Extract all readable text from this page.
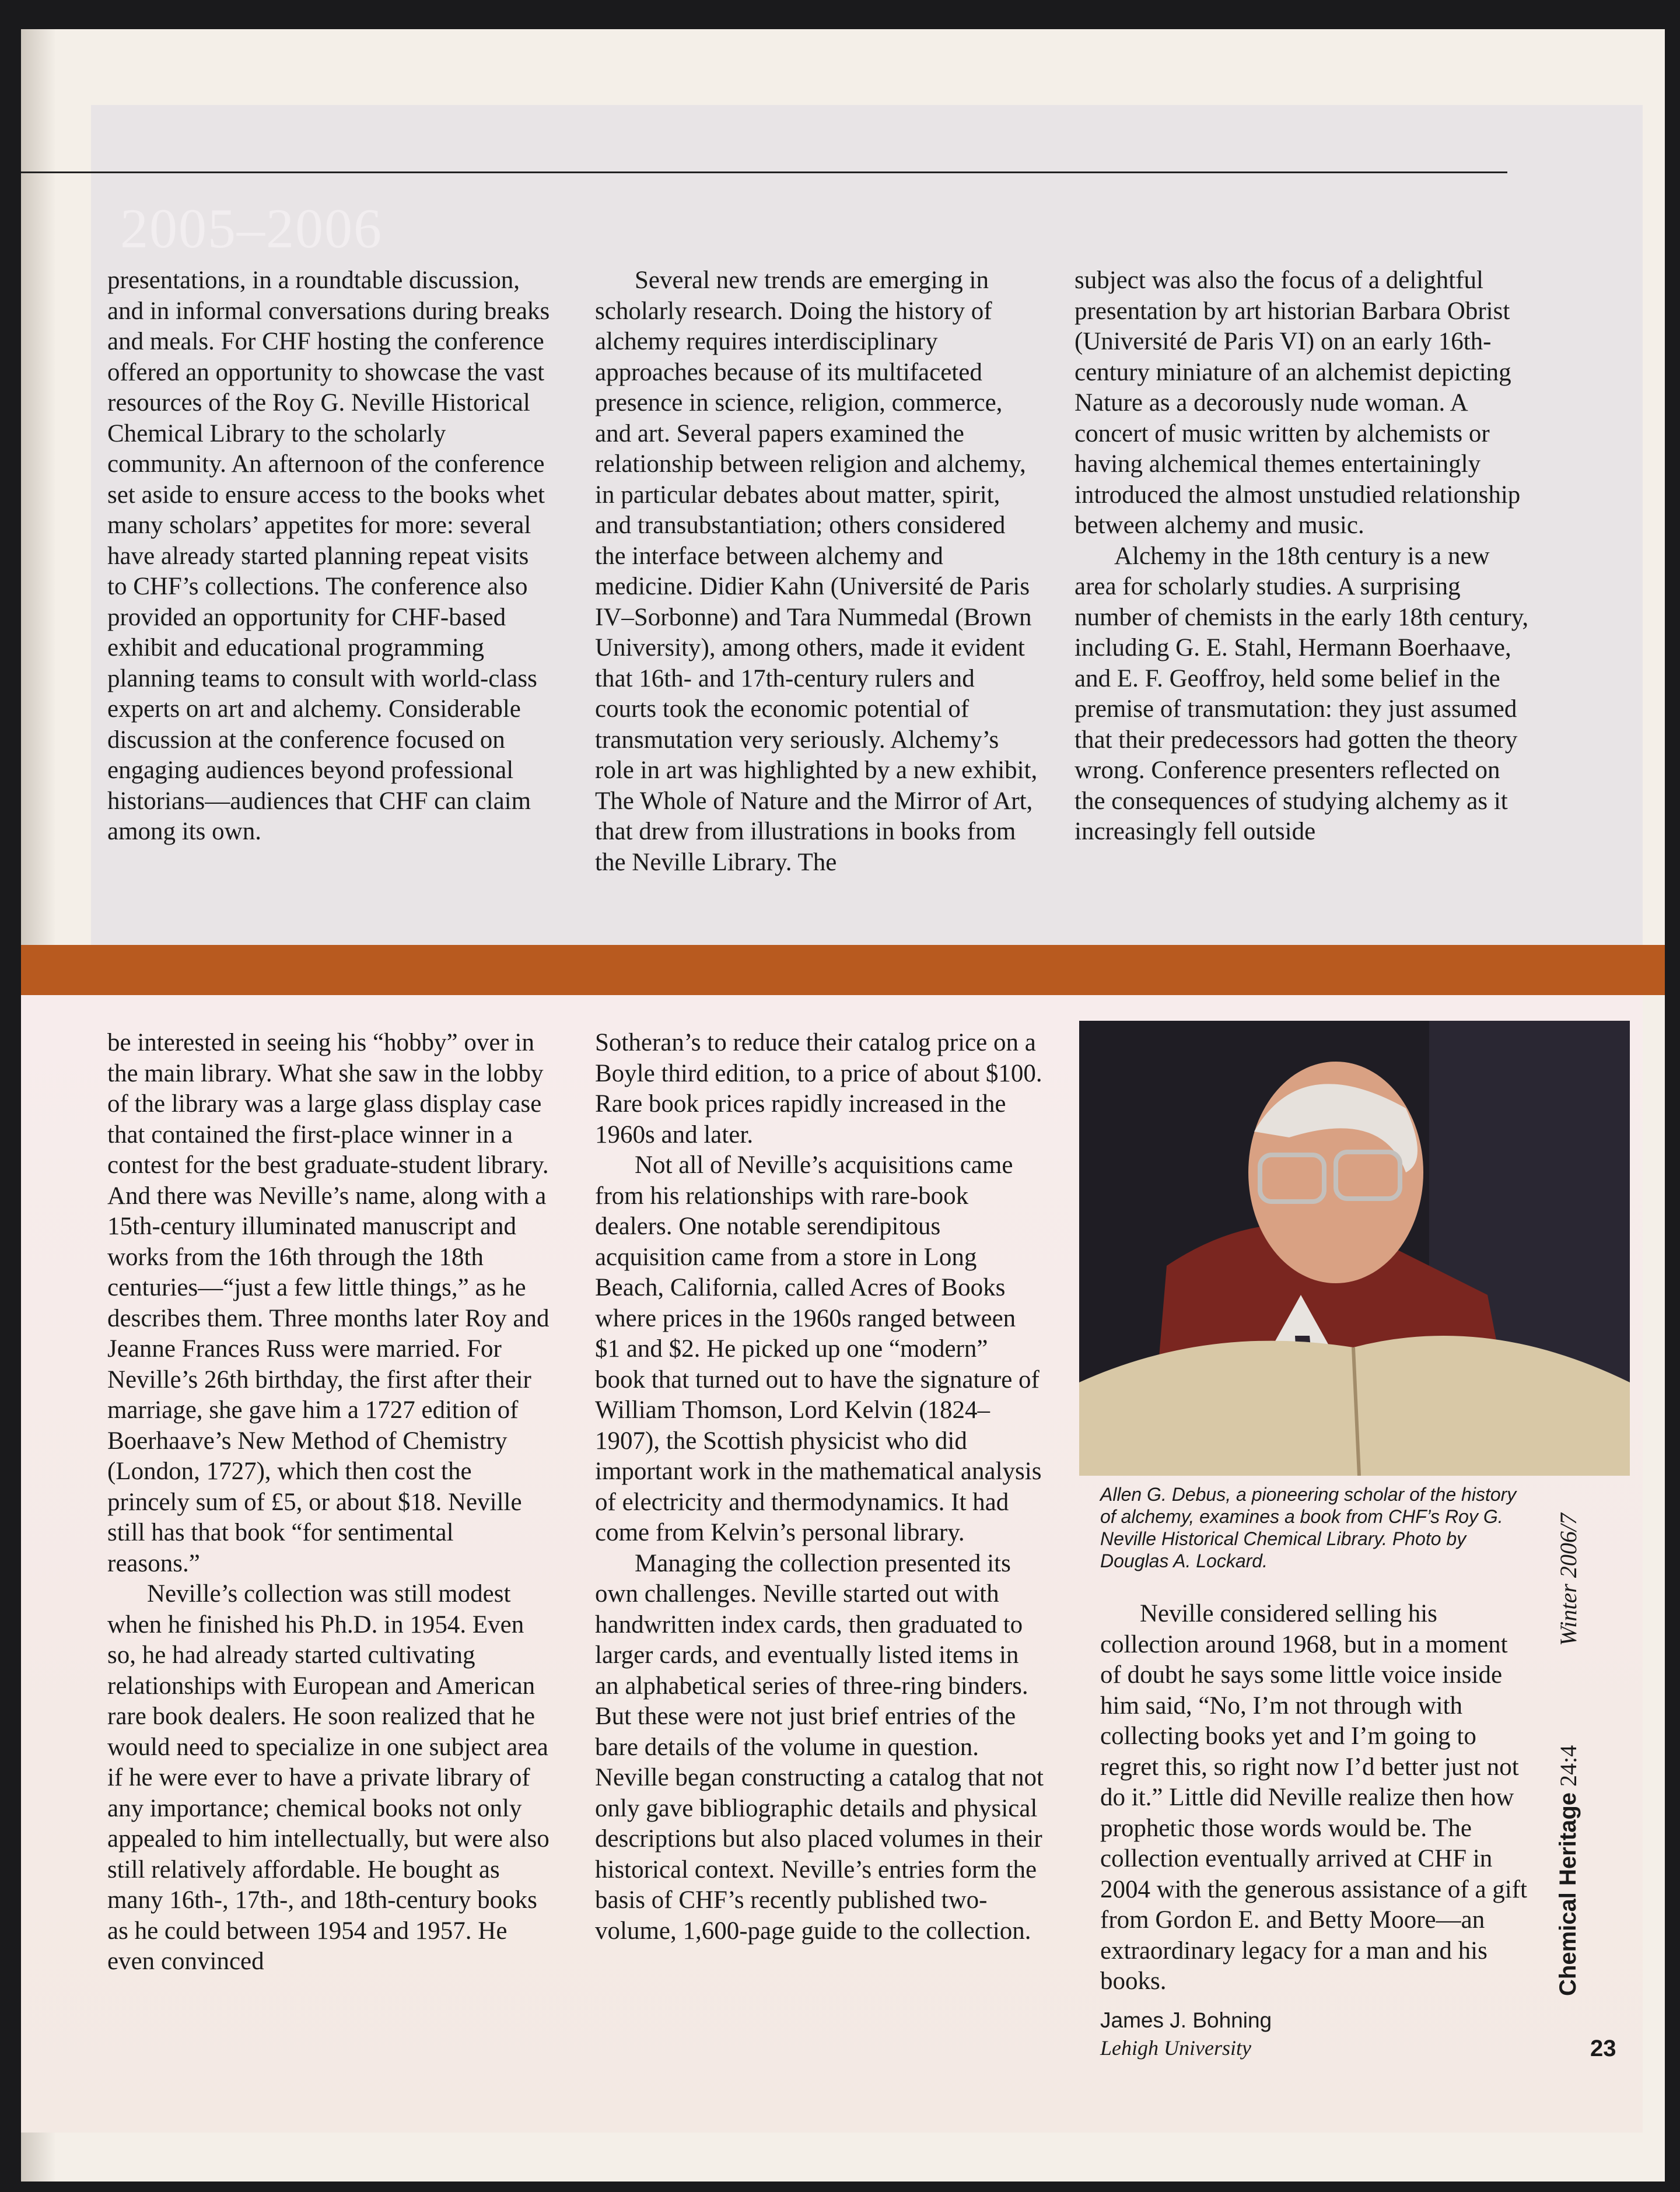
2005–2006

presentations, in a roundtable discussion, and in informal conversations during breaks and meals. For CHF hosting the conference offered an opportunity to showcase the vast resources of the Roy G. Neville Historical Chemical Library to the scholarly community. An afternoon of the conference set aside to ensure access to the books whet many scholars’ appetites for more: several have already started planning repeat visits to CHF’s collections. The conference also provided an opportunity for CHF-based exhibit and educational programming planning teams to consult with world-class experts on art and alchemy. Considerable discussion at the conference focused on engaging audiences beyond professional historians—audiences that CHF can claim among its own.

Several new trends are emerging in scholarly research. Doing the history of alchemy requires interdisciplinary approaches because of its multifaceted presence in science, religion, commerce, and art. Several papers examined the relationship between religion and alchemy, in particular debates about matter, spirit, and transubstantiation; others considered the interface between alchemy and medicine. Didier Kahn (Université de Paris IV–Sorbonne) and Tara Nummedal (Brown University), among others, made it evident that 16th- and 17th-century rulers and courts took the economic potential of transmutation very seriously. Alchemy’s role in art was highlighted by a new exhibit, The Whole of Nature and the Mirror of Art, that drew from illustrations in books from the Neville Library. The

subject was also the focus of a delightful presentation by art historian Barbara Obrist (Université de Paris VI) on an early 16th-century miniature of an alchemist depicting Nature as a decorously nude woman. A concert of music written by alchemists or having alchemical themes entertainingly introduced the almost unstudied relationship between alchemy and music.

Alchemy in the 18th century is a new area for scholarly studies. A surprising number of chemists in the early 18th century, including G. E. Stahl, Hermann Boerhaave, and E. F. Geoffroy, held some belief in the premise of transmutation: they just assumed that their predecessors had gotten the theory wrong. Conference presenters reflected on the consequences of studying alchemy as it increasingly fell outside

be interested in seeing his “hobby” over in the main library. What she saw in the lobby of the library was a large glass display case that contained the first-place winner in a contest for the best graduate-student library. And there was Neville’s name, along with a 15th-century illuminated manuscript and works from the 16th through the 18th centuries—“just a few little things,” as he describes them. Three months later Roy and Jeanne Frances Russ were married. For Neville’s 26th birthday, the first after their marriage, she gave him a 1727 edition of Boerhaave’s New Method of Chemistry (London, 1727), which then cost the princely sum of £5, or about $18. Neville still has that book “for sentimental reasons.”

Neville’s collection was still modest when he finished his Ph.D. in 1954. Even so, he had already started cultivating relationships with European and American rare book dealers. He soon realized that he would need to specialize in one subject area if he were ever to have a private library of any importance; chemical books not only appealed to him intellectually, but were also still relatively affordable. He bought as many 16th-, 17th-, and 18th-century books as he could between 1954 and 1957. He even convinced

Sotheran’s to reduce their catalog price on a Boyle third edition, to a price of about $100. Rare book prices rapidly increased in the 1960s and later.

Not all of Neville’s acquisitions came from his relationships with rare-book dealers. One notable serendipitous acquisition came from a store in Long Beach, California, called Acres of Books where prices in the 1960s ranged between $1 and $2. He picked up one “modern” book that turned out to have the signature of William Thomson, Lord Kelvin (1824–1907), the Scottish physicist who did important work in the mathematical analysis of electricity and thermodynamics. It had come from Kelvin’s personal library.

Managing the collection presented its own challenges. Neville started out with handwritten index cards, then graduated to larger cards, and eventually listed items in an alphabetical series of three-ring binders. But these were not just brief entries of the bare details of the volume in question. Neville began constructing a catalog that not only gave bibliographic details and physical descriptions but also placed volumes in their historical context. Neville’s entries form the basis of CHF’s recently published two-volume, 1,600-page guide to the collection.

Allen G. Debus, a pioneering scholar of the history of alchemy, examines a book from CHF’s Roy G. Neville Historical Chemical Library. Photo by Douglas A. Lockard.

Neville considered selling his collection around 1968, but in a moment of doubt he says some little voice inside him said, “No, I’m not through with collecting books yet and I’m going to regret this, so right now I’d better just not do it.” Little did Neville realize then how prophetic those words would be. The collection eventually arrived at CHF in 2004 with the generous assistance of a gift from Gordon E. and Betty Moore—an extraordinary legacy for a man and his books.

James J. Bohning
Lehigh University
Chemical Heritage
24:4
Winter 2006/7
23
